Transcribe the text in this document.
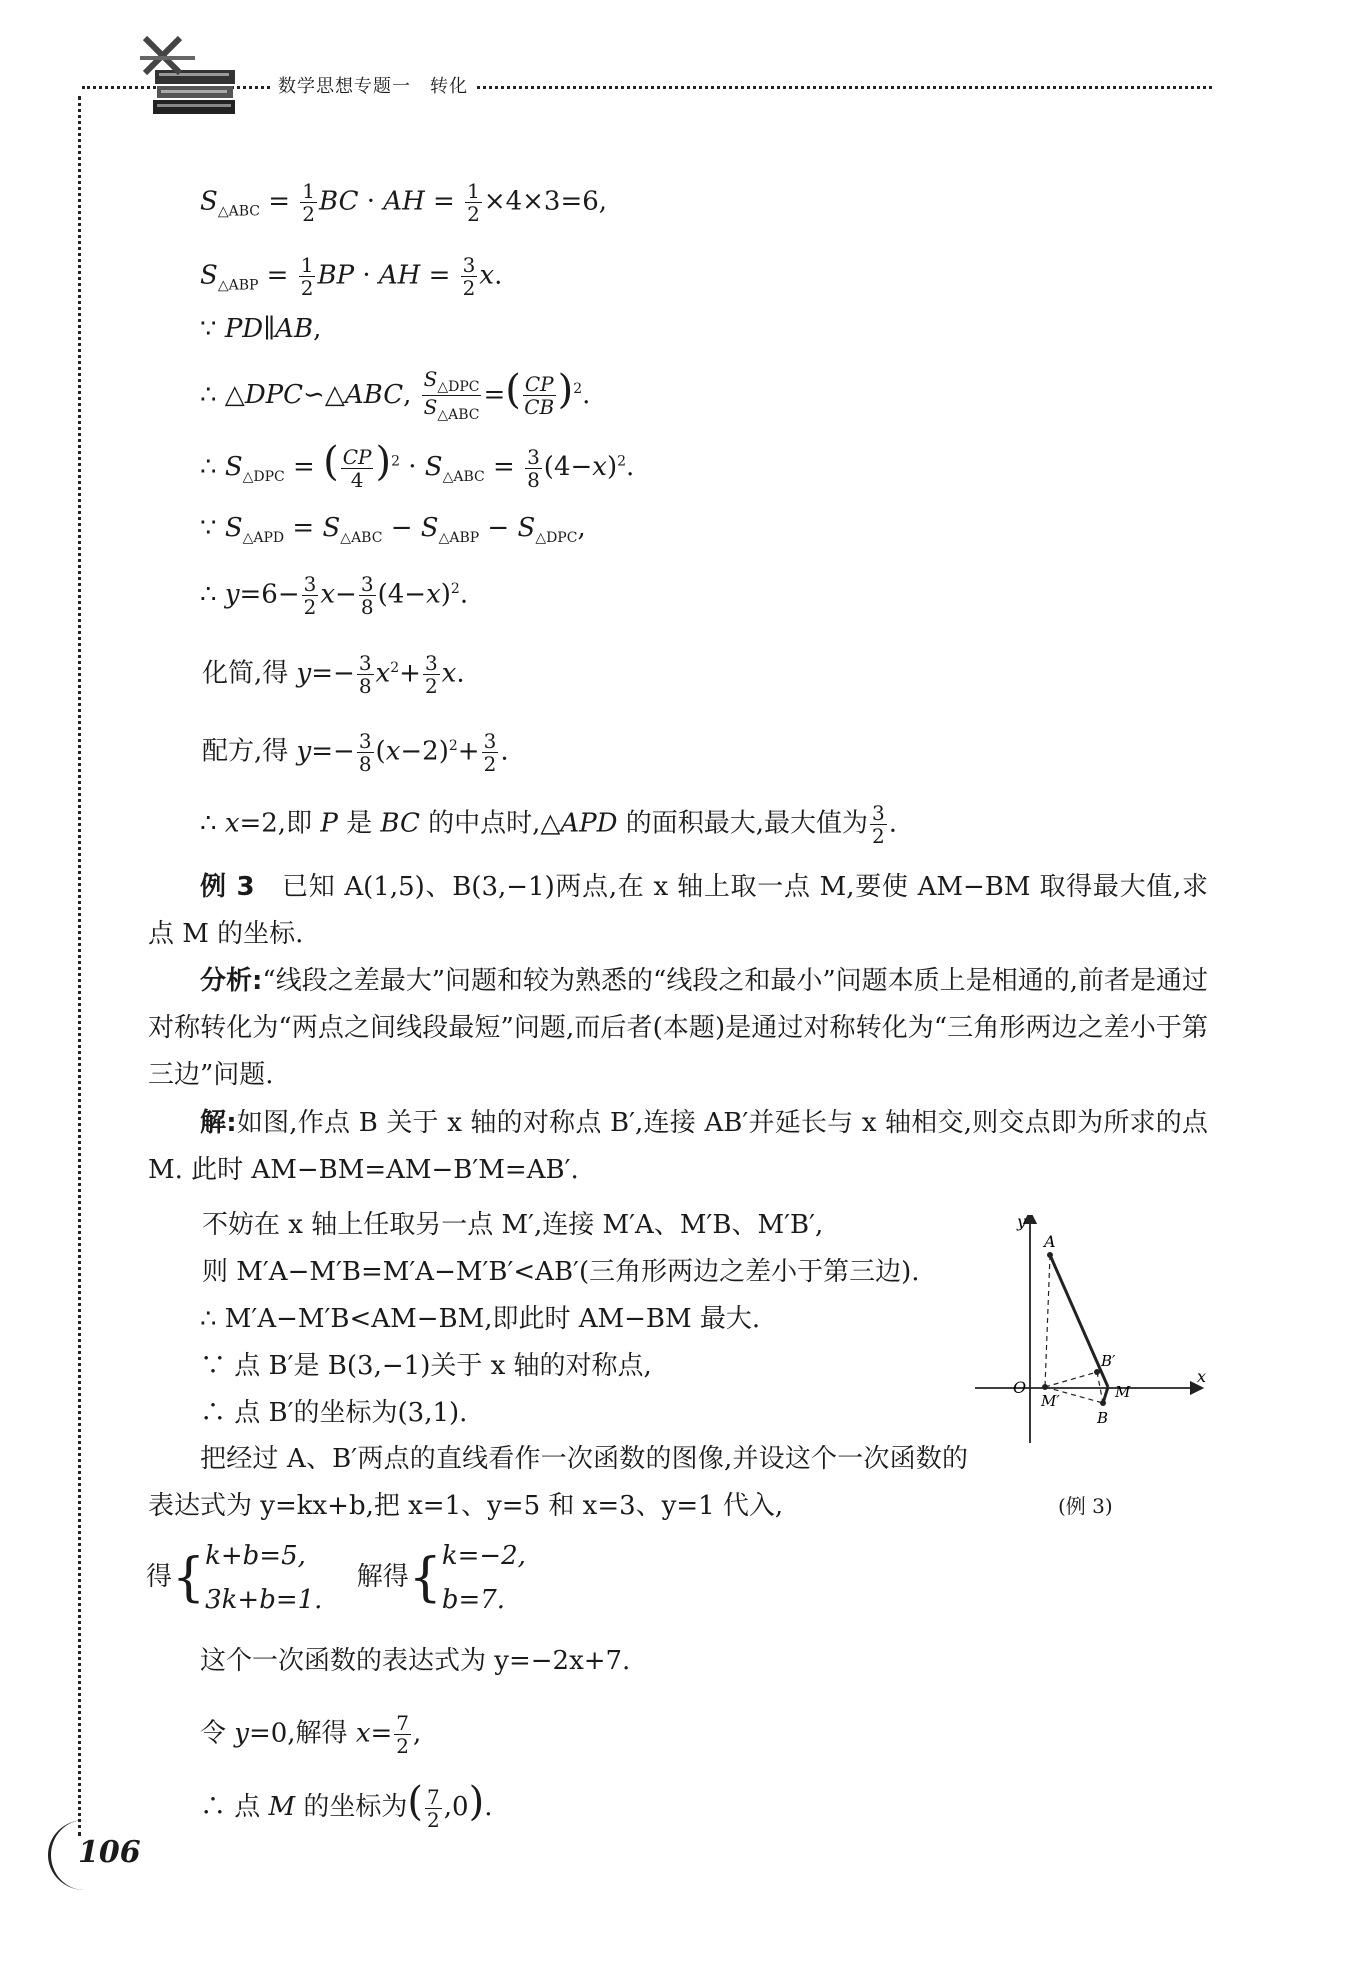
数学思想专题一　转化
$S_{\triangle ABC} = \frac{1}{2}$ BC · AH = $\frac{1}{2} \times 4\times 3=6$,
$S_{\triangle ABP} = \frac{1}{2}$ BP · AH = $\frac{3}{2} x$.
∵ PD∥AB,
∴ △DPC∽△ABC, $\frac{S_{\triangle DPC}}{S_{\triangle ABC}}$ =( $\frac{CP}{CB} )^2$.
∴ $S_{\triangle DPC}$ = ( $\frac{CP}{4} )^2 \cdot S_{\triangle ABC} = \frac{3}{8} (4-x)^2$.
∵ $S_{\triangle APD} = S_{\triangle ABC} - S_{\triangle ABP} - S_{\triangle DPC}$,
∴ $y=6- \frac{3}{2} x- \frac{3}{8} (4-x)^2$.
化简,得 $y=- \frac{3}{8} x^2+ \frac{3}{2} x$.
配方,得 $y=- \frac{3}{8} (x-2)^2+ \frac{3}{2}$ .
∴ x=2,即 P 是 BC 的中点时,△APD 的面积最大,最大值为 $\frac{3}{2}$ .
例 3　 已知 A(1,5)、B(3,−1)两点,在 x 轴上取一点 M,要使 AM−BM 取得最大值,求点 M 的坐标.
分析:“线段之差最大”问题和较为熟悉的“线段之和最小”问题本质上是相通的,前者是通过对称转化为“两点之间线段最短”问题,而后者(本题)是通过对称转化为“三角形两边之差小于第三边”问题.
解:如图,作点 B 关于 x 轴的对称点 B′,连接 AB′并延长与 x 轴相交,则交点即为所求的点 M. 此时 AM−BM=AM−B′M=AB′.
不妨在 x 轴上任取另一点 M′,连接 M′A、M′B、M′B′,
则 M′A−M′B=M′A−M′B′<AB′(三角形两边之差小于第三边).
∴ M′A−M′B<AM−BM,即此时 AM−BM 最大.
∵ 点 B′是 B(3,−1)关于 x 轴的对称点,
∴ 点 B′的坐标为(3,1).
把经过 A、B′两点的直线看作一次函数的图像,并设这个一次函数的表达式为 y=kx+b,把 x=1、y=5 和 x=3、y=1 代入,
得{k+b=5,
3k+b=1. 　解得{k=−2,
b=7.
这个一次函数的表达式为 y=−2x+7.
令 y=0,解得 $x= \frac{7}{2}$ ,
∴ 点 M 的坐标为( $\frac{7}{2} ,0$).
y
x
O
A
B′
M′	M
B
(例 3)
106
